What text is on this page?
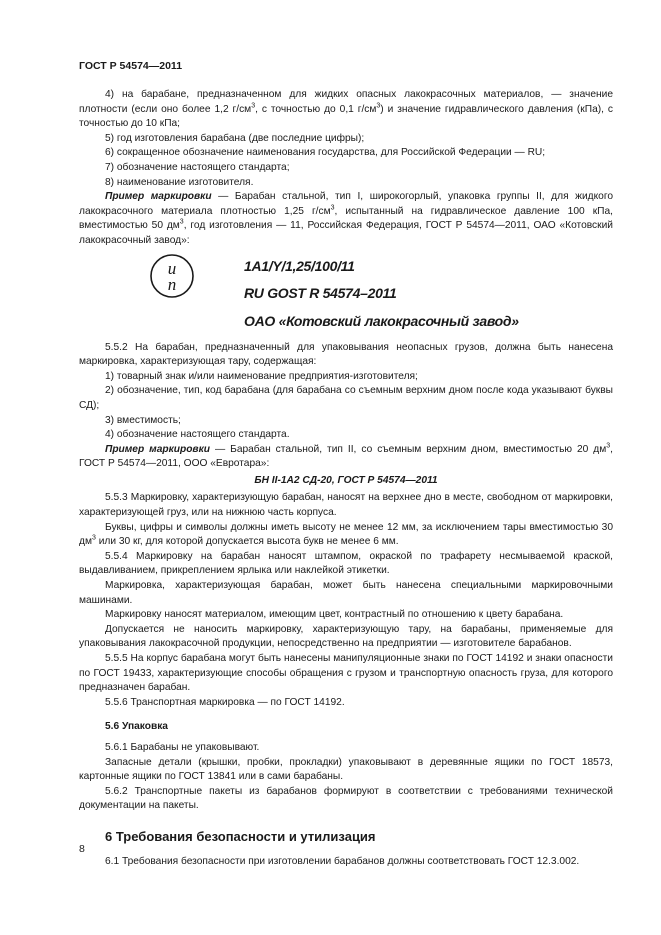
ГОСТ Р 54574—2011

4) на барабане, предназначенном для жидких опасных лакокрасочных материалов, — значение плотности (если оно более 1,2 $г/см^3$, с точностью до 0,1 $г/см^3$) и значение гидравлического давления (кПа), с точностью до 10 кПа;

5) год изготовления барабана (две последние цифры);

6) сокращенное обозначение наименования государства, для Российской Федерации — RU;

7) обозначение настоящего стандарта;

8) наименование изготовителя.

Пример маркировки — Барабан стальной, тип I, широкогорлый, упаковка группы II, для жидкого лакокрасочного материала плотностью 1,25 $г/см^3$, испытанный на гидравлическое давление 100 кПа, вместимостью 50 $дм^3$, год изготовления — 11, Российская Федерация, ГОСТ Р 54574—2011, ОАО «Котовский лакокрасочный завод»:

u
n
1A1/Y/1,25/100/11
RU GOST R 54574–2011
OAO «Котовский лакокрасочный завод»

5.5.2 На барабан, предназначенный для упаковывания неопасных грузов, должна быть нанесена маркировка, характеризующая тару, содержащая:

1) товарный знак и/или наименование предприятия-изготовителя;

2) обозначение, тип, код барабана (для барабана со съемным верхним дном после кода указывают буквы СД);

3) вместимость;

4) обозначение настоящего стандарта.

Пример маркировки — Барабан стальной, тип II, со съемным верхним дном, вместимостью 20 $дм^3$, ГОСТ Р 54574—2011, ООО «Евротара»:

БН II-1А2 СД-20, ГОСТ Р 54574—2011

5.5.3 Маркировку, характеризующую барабан, наносят на верхнее дно в месте, свободном от маркировки, характеризующей груз, или на нижнюю часть корпуса.

Буквы, цифры и символы должны иметь высоту не менее 12 мм, за исключением тары вместимостью 30 $дм^3$ или 30 кг, для которой допускается высота букв не менее 6 мм.

5.5.4 Маркировку на барабан наносят штампом, окраской по трафарету несмываемой краской, выдавливанием, прикреплением ярлыка или наклейкой этикетки.

Маркировка, характеризующая барабан, может быть нанесена специальными маркировочными машинами.

Маркировку наносят материалом, имеющим цвет, контрастный по отношению к цвету барабана.

Допускается не наносить маркировку, характеризующую тару, на барабаны, применяемые для упаковывания лакокрасочной продукции, непосредственно на предприятии — изготовителе барабанов.

5.5.5 На корпус барабана могут быть нанесены манипуляционные знаки по ГОСТ 14192 и знаки опасности по ГОСТ 19433, характеризующие способы обращения с грузом и транспортную опасность груза, для которого предназначен барабан.

5.5.6 Транспортная маркировка — по ГОСТ 14192.

5.6 Упаковка

5.6.1 Барабаны не упаковывают.

Запасные детали (крышки, пробки, прокладки) упаковывают в деревянные ящики по ГОСТ 18573, картонные ящики по ГОСТ 13841 или в сами барабаны.

5.6.2 Транспортные пакеты из барабанов формируют в соответствии с требованиями технической документации на пакеты.

6 Требования безопасности и утилизация

6.1 Требования безопасности при изготовлении барабанов должны соответствовать ГОСТ 12.3.002.

8
